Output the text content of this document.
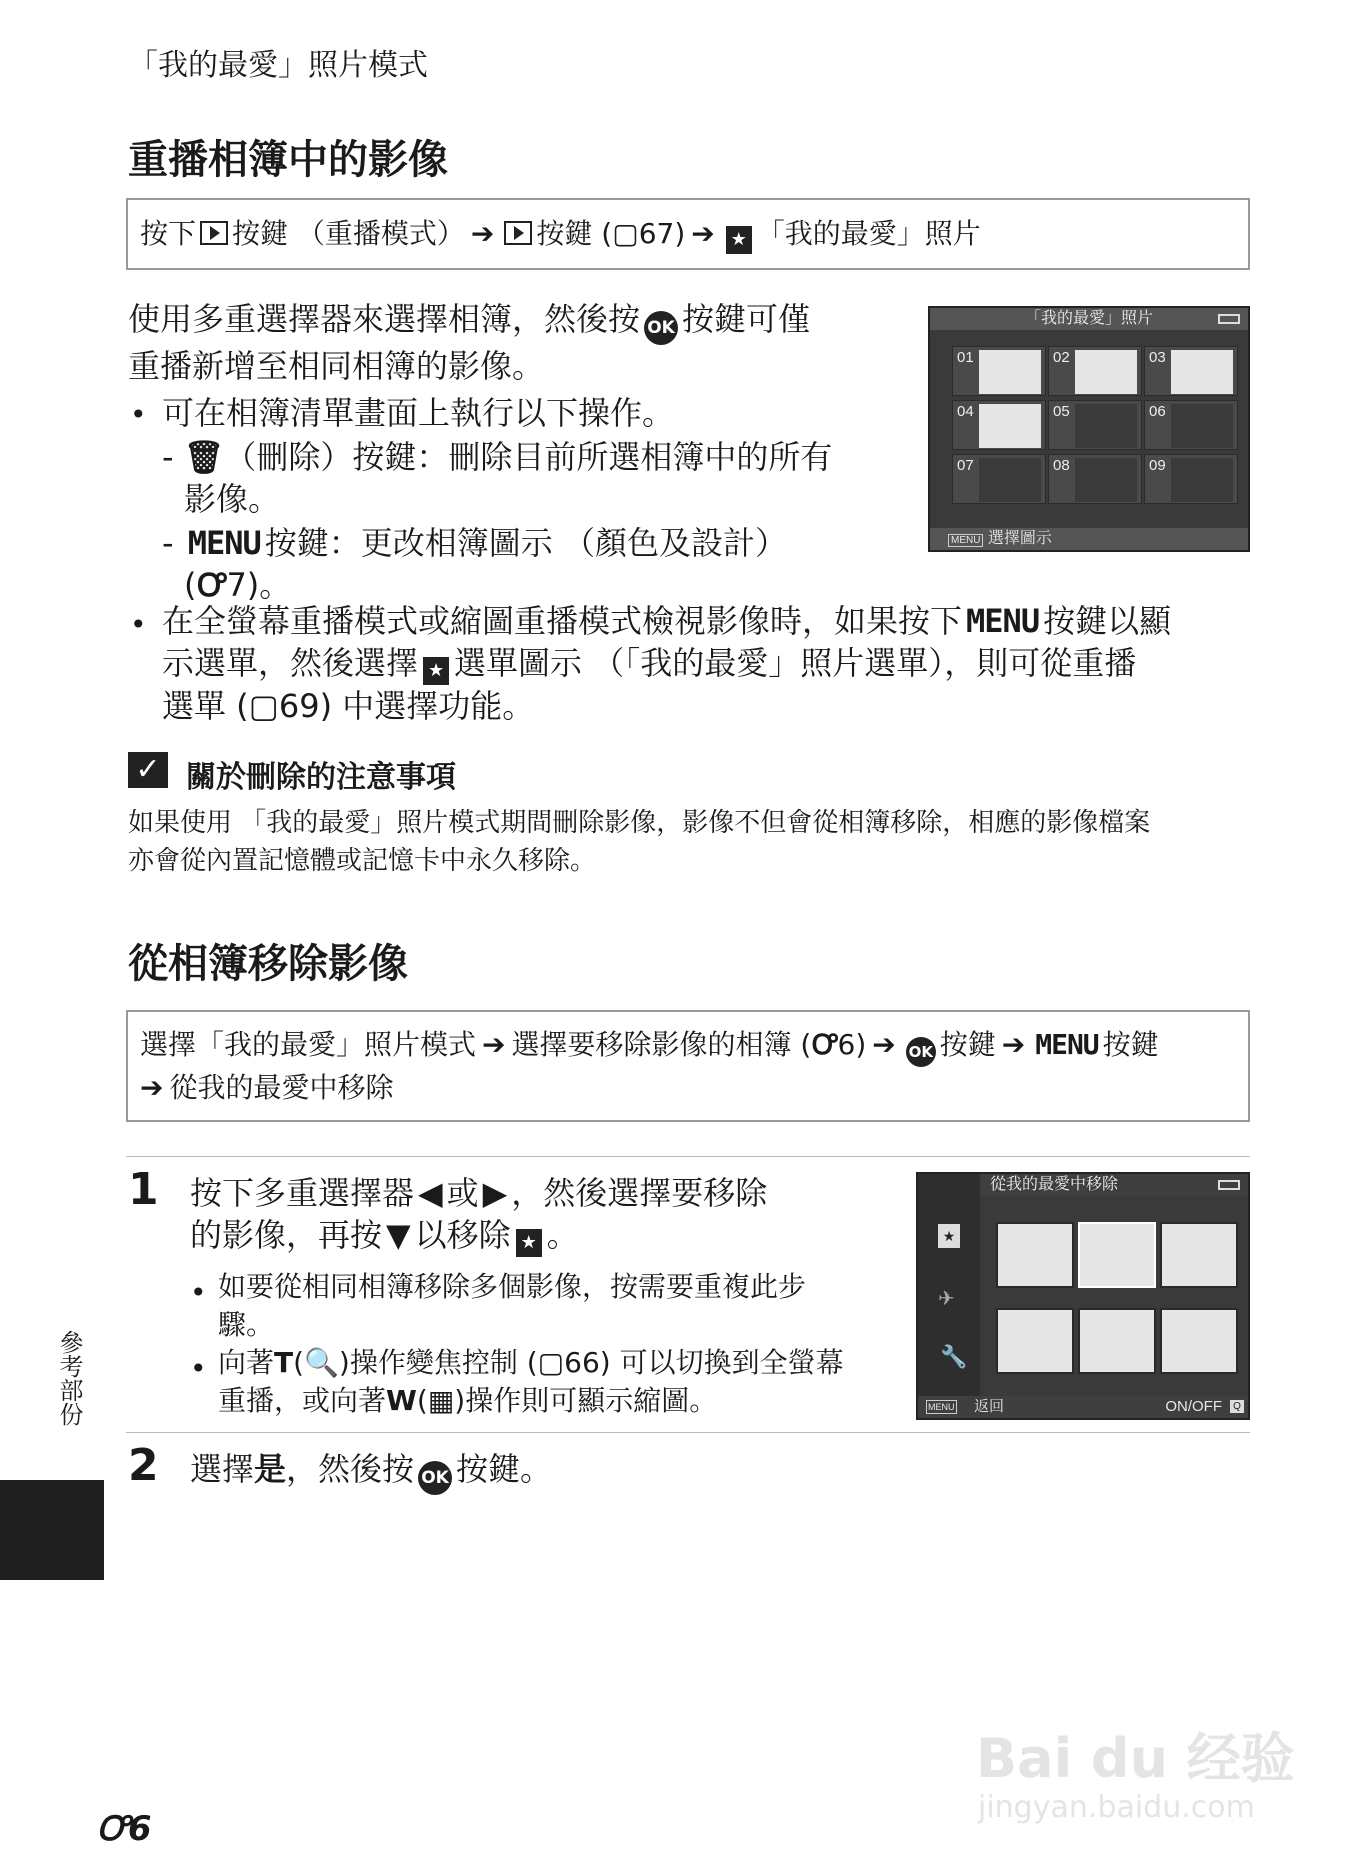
「我的最愛」照片模式
重播相簿中的影像
按下 按鍵 （重播模式） ➔ 按鍵 (▢67) ➔ ★ 「我的最愛」照片
使用多重選擇器來選擇相簿，然後按 OK 按鍵可僅
重播新增至相同相簿的影像。
• 可在相簿清單畫面上執行以下操作。
- 🗑（刪除）按鍵：刪除目前所選相簿中的所有
影像。
- MENU 按鍵：更改相簿圖示 （顏色及設計）
(Ꝍ7)。
「我的最愛」照片
01	02	03
04	05	06
07	08	09
MENU 選擇圖示
• 在全螢幕重播模式或縮圖重播模式檢視影像時，如果按下 MENU 按鍵以顯
示選單，然後選擇 ★ 選單圖示 （「我的最愛」照片選單），則可從重播
選單 (▢69) 中選擇功能。
✓ 關於刪除的注意事項
如果使用 「我的最愛」照片模式期間刪除影像，影像不但會從相簿移除，相應的影像檔案
亦會從內置記憶體或記憶卡中永久移除。
從相簿移除影像
選擇「我的最愛」照片模式 ➔ 選擇要移除影像的相簿 (Ꝍ6) ➔ OK 按鍵 ➔ MENU 按鍵
➔ 從我的最愛中移除
1 按下多重選擇器 ◀ 或 ▶ ，然後選擇要移除
的影像，再按 ▼ 以移除 ★ 。
• 如要從相同相簿移除多個影像，按需要重複此步
驟。
• 向著T(🔍)操作變焦控制 (▢66) 可以切換到全螢幕
重播，或向著W(▦)操作則可顯示縮圖。
★
✈
🔧
從我的最愛中移除
MENU 返回	ON/OFF	Q
2 選擇是，然後按 OK 按鍵。
參考部份
Ꝍ6
Bai du 经验
jingyan.baidu.com
